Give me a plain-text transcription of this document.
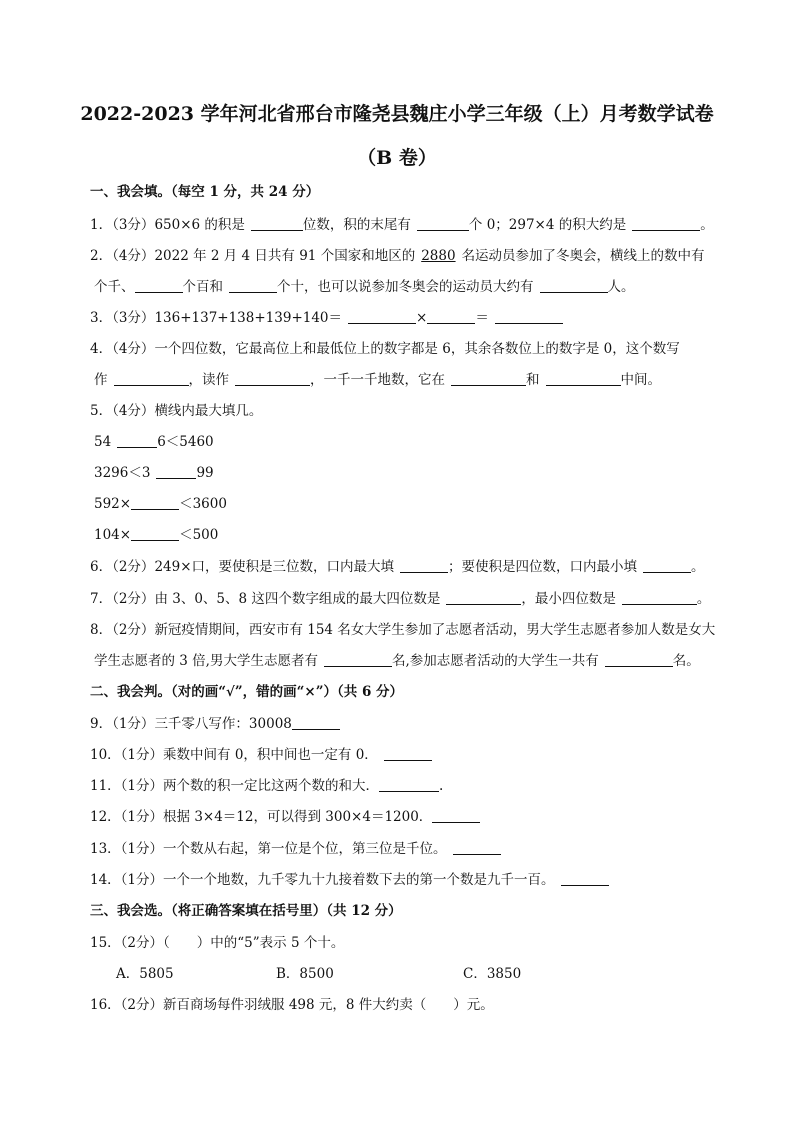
2022-2023 学年河北省邢台市隆尧县魏庄小学三年级（上）月考数学试卷
（B 卷）
一、我会填。（每空 1 分，共 24 分）
1．（3分）650×6 的积是	位数，积的末尾有	个 0；297×4 的积大约是	。
2．（4分）2022 年 2 月 4 日共有 91 个国家和地区的 2880 名运动员参加了冬奥会，横线上的数中有
个千、	个百和	个十，也可以说参加冬奥会的运动员大约有	人。
3．（3分）136+137+138+139+140＝	×	＝
4．（4分）一个四位数，它最高位上和最低位上的数字都是 6，其余各数位上的数字是 0，这个数写
作	，读作	，一千一千地数，它在	和	中间。
5．（4分）横线内最大填几。
54	6＜5460
3296＜3	99
592×	＜3600
104×	＜500
6．（2分）249×口，要使积是三位数，口内最大填	；要使积是四位数，口内最小填	。
7．（2分）由 3、0、5、8 这四个数字组成的最大四位数是	，最小四位数是	。
8．（2分）新冠疫情期间，西安市有 154 名女大学生参加了志愿者活动，男大学生志愿者参加人数是女大
学生志愿者的 3 倍,男大学生志愿者有	名,参加志愿者活动的大学生一共有	名。
二、我会判。（对的画“√”，错的画“×”）（共 6 分）
9．（1分）三千零八写作：30008
10．（1分）乘数中间有 0，积中间也一定有 0．
11．（1分）两个数的积一定比这两个数的和大．	.
12．（1分）根据 3×4＝12，可以得到 300×4＝1200．
13．（1分）一个数从右起，第一位是个位，第三位是千位。
14．（1分）一个一个地数，九千零九十九接着数下去的第一个数是九千一百。
三、我会选。（将正确答案填在括号里）（共 12 分）
15．（2分）（　　）中的“5”表示 5 个十。
A．5805	B．8500	C．3850
16．（2分）新百商场每件羽绒服 498 元，8 件大约卖（　　）元。
